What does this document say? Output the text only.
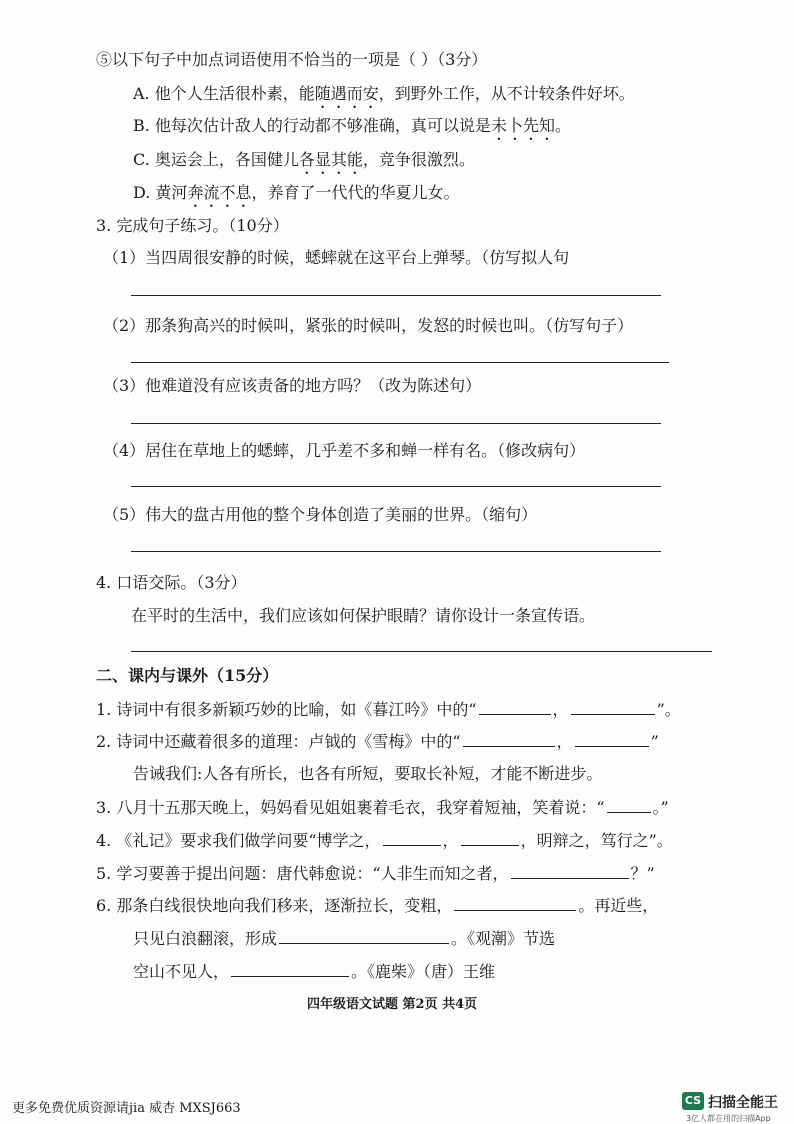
⑤以下句子中加点词语使用不恰当的一项是（ ）（3分）
A. 他个人生活很朴素，能随遇而安，到野外工作，从不计较条件好坏。
B. 他每次估计敌人的行动都不够准确，真可以说是未卜先知。
C. 奥运会上，各国健儿各显其能，竞争很激烈。
D. 黄河奔流不息，养育了一代代的华夏儿女。
3. 完成句子练习。（10分）
（1）当四周很安静的时候，蟋蟀就在这平台上弹琴。（仿写拟人句
（2）那条狗高兴的时候叫，紧张的时候叫，发怒的时候也叫。（仿写句子）
（3）他难道没有应该责备的地方吗？（改为陈述句）
（4）居住在草地上的蟋蟀，几乎差不多和蝉一样有名。（修改病句）
（5）伟大的盘古用他的整个身体创造了美丽的世界。（缩句）
4. 口语交际。（3分）
在平时的生活中，我们应该如何保护眼睛？请你设计一条宣传语。
二、课内与课外（15分）
1. 诗词中有很多新颖巧妙的比喻，如《暮江吟》中的“	，	”。
2. 诗词中还藏着很多的道理：卢钺的《雪梅》中的“	，	”
告诫我们:人各有所长，也各有所短，要取长补短，才能不断进步。
3. 八月十五那天晚上，妈妈看见姐姐裹着毛衣，我穿着短袖，笑着说：“	。”
4. 《礼记》要求我们做学问要“博学之，	，	，明辩之，笃行之”。
5. 学习要善于提出问题：唐代韩愈说：“人非生而知之者，	？”
6. 那条白线很快地向我们移来，逐渐拉长，变粗，	。再近些，
只见白浪翻滚，形成	。《观潮》节选
空山不见人，	。《鹿柴》（唐）王维
四年级语文试题 第2页 共4页
更多免费优质资源请jia 威杏 MXSJ663
CS 扫描全能王
3亿人都在用的扫描App
